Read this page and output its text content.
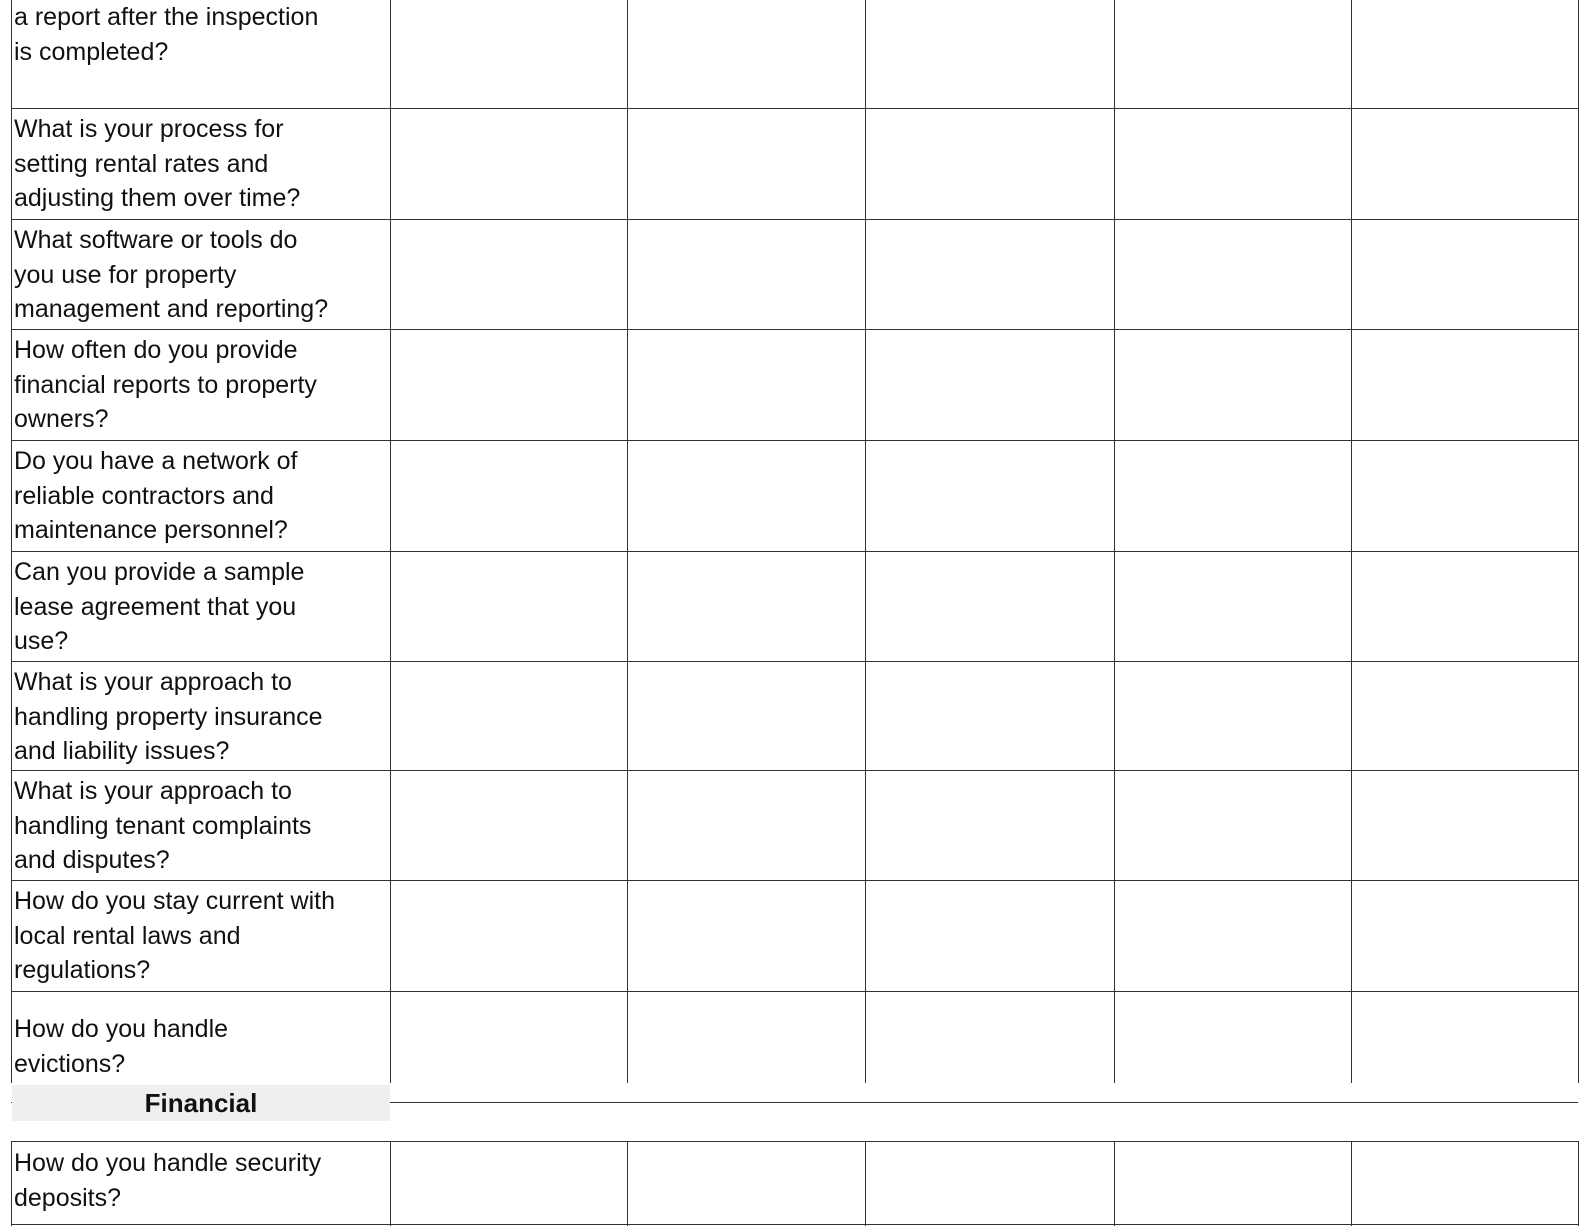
a report after the inspection
is completed?
What is your process for
setting rental rates and
adjusting them over time?
What software or tools do
you use for property
management and reporting?
How often do you provide
financial reports to property
owners?
Do you have a network of
reliable contractors and
maintenance personnel?
Can you provide a sample
lease agreement that you
use?
What is your approach to
handling property insurance
and liability issues?
What is your approach to
handling tenant complaints
and disputes?
How do you stay current with
local rental laws and
regulations?
How do you handle
evictions?
Financial
How do you handle security
deposits?
